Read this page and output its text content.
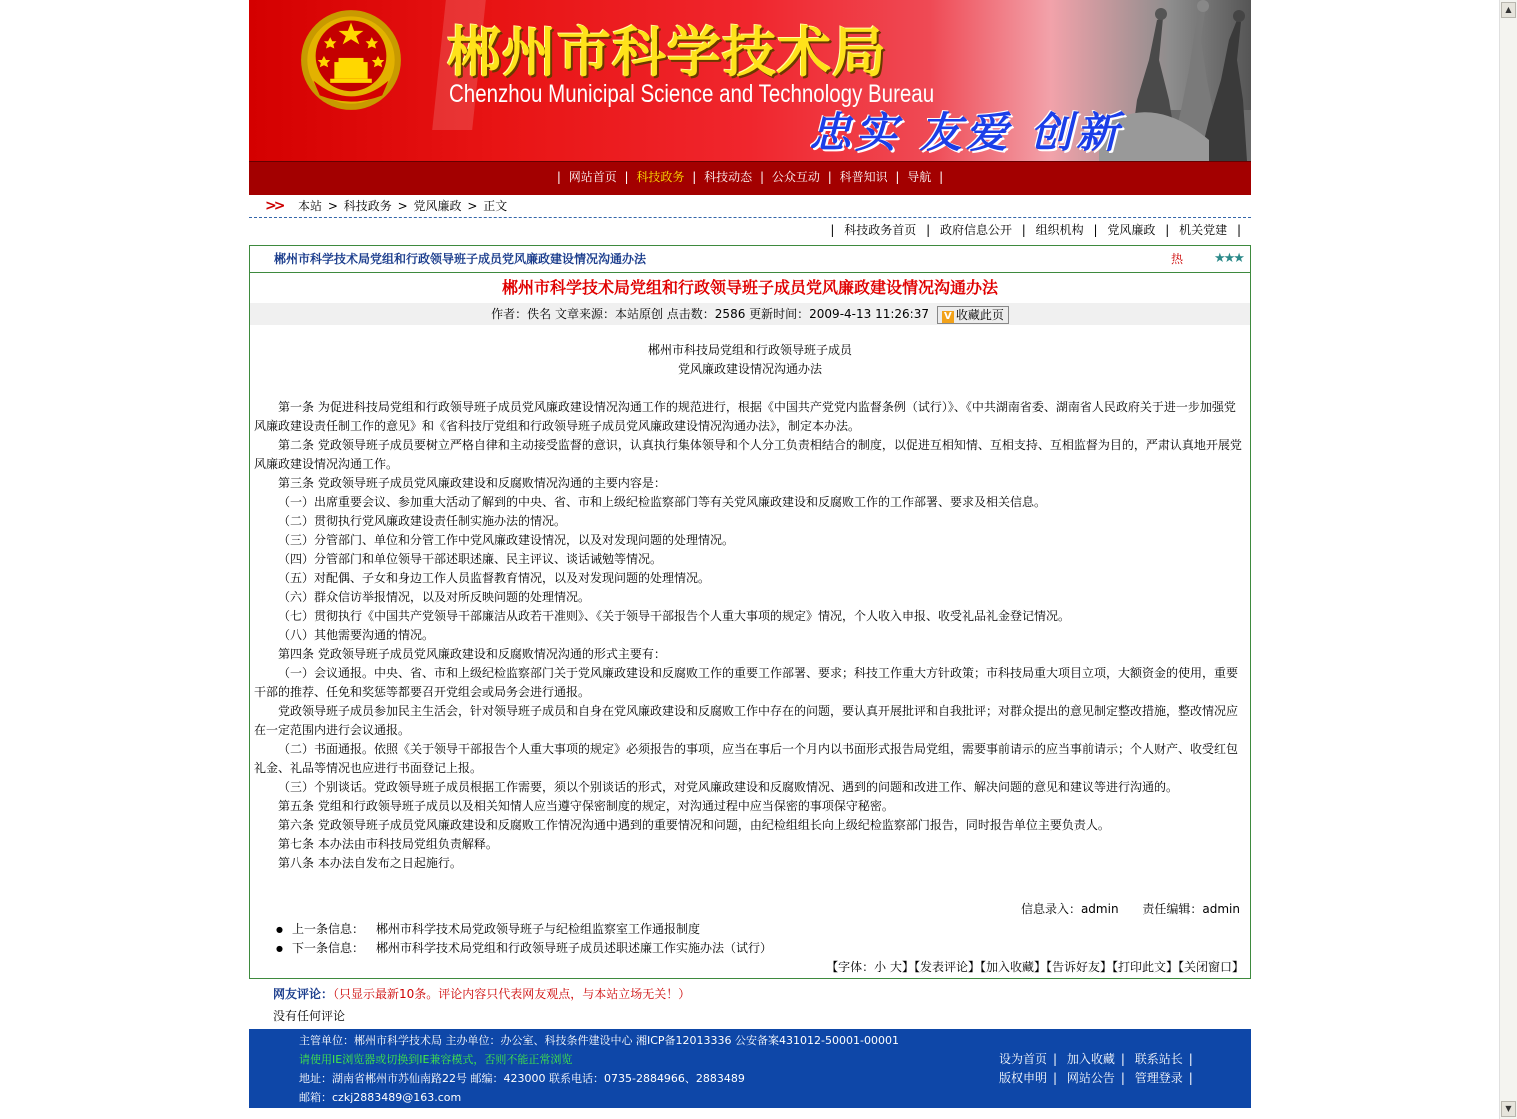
郴州市科学技术局
Chenzhou Municipal Science and Technology Bureau
忠实 友爱 创新
| 网站首页 | 科技政务 | 科技动态 | 公众互动 | 科普知识 | 导航 |
>> 本站 > 科技政务 > 党风廉政 > 正文
| 科技政务首页 | 政府信息公开 | 组织机构 | 党风廉政 | 机关党建 |
郴州市科学技术局党组和行政领导班子成员党风廉政建设情况沟通办法	热 ★★★
郴州市科学技术局党组和行政领导班子成员党风廉政建设情况沟通办法
作者：佚名 文章来源：本站原创 点击数：2586 更新时间：2009-4-13 11:26:37 V 收藏此页
郴州市科技局党组和行政领导班子成员
党风廉政建设情况沟通办法
第一条 为促进科技局党组和行政领导班子成员党风廉政建设情况沟通工作的规范进行，根据《中国共产党党内监督条例（试行）》、《中共湖南省委、湖南省人民政府关于进一步加强党风廉政建设责任制工作的意见》和《省科技厅党组和行政领导班子成员党风廉政建设情况沟通办法》，制定本办法。
第二条 党政领导班子成员要树立严格自律和主动接受监督的意识，认真执行集体领导和个人分工负责相结合的制度，以促进互相知情、互相支持、互相监督为目的，严肃认真地开展党风廉政建设情况沟通工作。
第三条 党政领导班子成员党风廉政建设和反腐败情况沟通的主要内容是：
（一）出席重要会议、参加重大活动了解到的中央、省、市和上级纪检监察部门等有关党风廉政建设和反腐败工作的工作部署、要求及相关信息。
（二）贯彻执行党风廉政建设责任制实施办法的情况。
（三）分管部门、单位和分管工作中党风廉政建设情况，以及对发现问题的处理情况。
（四）分管部门和单位领导干部述职述廉、民主评议、谈话诫勉等情况。
（五）对配偶、子女和身边工作人员监督教育情况，以及对发现问题的处理情况。
（六）群众信访举报情况，以及对所反映问题的处理情况。
（七）贯彻执行《中国共产党领导干部廉洁从政若干准则》、《关于领导干部报告个人重大事项的规定》情况，个人收入申报、收受礼品礼金登记情况。
（八）其他需要沟通的情况。
第四条 党政领导班子成员党风廉政建设和反腐败情况沟通的形式主要有：
（一）会议通报。中央、省、市和上级纪检监察部门关于党风廉政建设和反腐败工作的重要工作部署、要求；科技工作重大方针政策；市科技局重大项目立项，大额资金的使用，重要干部的推荐、任免和奖惩等都要召开党组会或局务会进行通报。
党政领导班子成员参加民主生活会，针对领导班子成员和自身在党风廉政建设和反腐败工作中存在的问题，要认真开展批评和自我批评；对群众提出的意见制定整改措施，整改情况应在一定范围内进行会议通报。
（二）书面通报。依照《关于领导干部报告个人重大事项的规定》必须报告的事项，应当在事后一个月内以书面形式报告局党组，需要事前请示的应当事前请示；个人财产、收受红包礼金、礼品等情况也应进行书面登记上报。
（三）个别谈话。党政领导班子成员根据工作需要，须以个别谈话的形式，对党风廉政建设和反腐败情况、遇到的问题和改进工作、解决问题的意见和建议等进行沟通的。
第五条 党组和行政领导班子成员以及相关知情人应当遵守保密制度的规定，对沟通过程中应当保密的事项保守秘密。
第六条 党政领导班子成员党风廉政建设和反腐败工作情况沟通中遇到的重要情况和问题，由纪检组组长向上级纪检监察部门报告，同时报告单位主要负责人。
第七条 本办法由市科技局党组负责解释。
第八条 本办法自发布之日起施行。
信息录入：admin 责任编辑：admin
● 上一条信息： 郴州市科学技术局党政领导班子与纪检组监察室工作通报制度
● 下一条信息： 郴州市科学技术局党组和行政领导班子成员述职述廉工作实施办法（试行）
【字体：小 大】【发表评论】【加入收藏】【告诉好友】【打印此文】【关闭窗口】
网友评论：（只显示最新10条。评论内容只代表网友观点，与本站立场无关！）
没有任何评论
主管单位：郴州市科学技术局 主办单位：办公室、科技条件建设中心 湘ICP备12013336 公安备案431012-50001-00001
请使用IE浏览器或切换到IE兼容模式，否则不能正常浏览
地址：湖南省郴州市苏仙南路22号 邮编：423000 联系电话：0735-2884966、2883489
邮箱：czkj2883489@163.com
设为首页 | 加入收藏 | 联系站长 |
版权申明 | 网站公告 | 管理登录 |
▲
▼
